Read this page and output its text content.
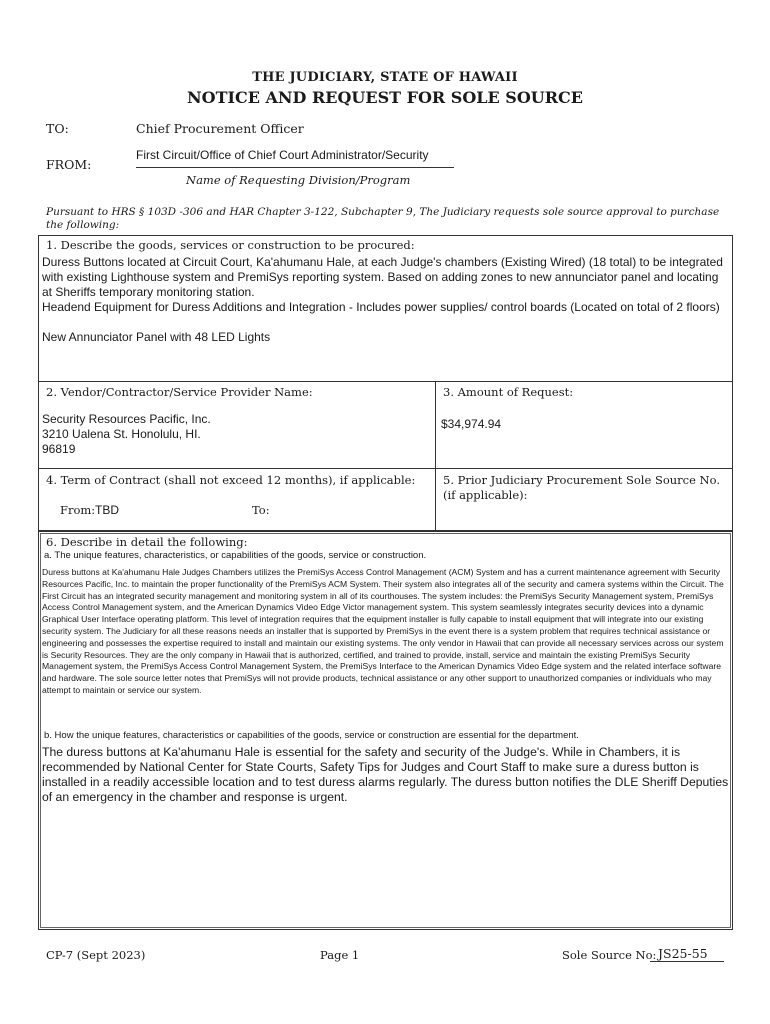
THE JUDICIARY, STATE OF HAWAII
NOTICE AND REQUEST FOR SOLE SOURCE
TO:	Chief Procurement Officer
FROM:
First Circuit/Office of Chief Court Administrator/Security
Name of Requesting Division/Program
Pursuant to HRS § 103D -306 and HAR Chapter 3-122, Subchapter 9, The Judiciary requests sole source approval to purchase the following:
1. Describe the goods, services or construction to be procured:
Duress Buttons located at Circuit Court, Ka'ahumanu Hale, at each Judge's chambers (Existing Wired) (18 total) to be integrated with existing Lighthouse system and PremiSys reporting system. Based on adding zones to new annunciator panel and locating at Sheriffs temporary monitoring station.
Headend Equipment for Duress Additions and Integration - Includes power supplies/ control boards (Located on total of 2 floors)

New Annunciator Panel with 48 LED Lights
2. Vendor/Contractor/Service Provider Name:
Security Resources Pacific, Inc.
3210 Ualena St. Honolulu, HI.
96819
3. Amount of Request:
$34,974.94
4. Term of Contract (shall not exceed 12 months), if applicable:
From: TBD	To:
5. Prior Judiciary Procurement Sole Source No.
(if applicable):
6. Describe in detail the following:
a. The unique features, characteristics, or capabilities of the goods, service or construction.
Duress buttons at Ka'ahumanu Hale Judges Chambers utilizes the PremiSys Access Control Management (ACM) System and has a current maintenance agreement with Security Resources Pacific, Inc. to maintain the proper functionality of the PremiSys ACM System. Their system also integrates all of the security and camera systems within the Circuit. The First Circuit has an integrated security management and monitoring system in all of its courthouses. The system includes: the PremiSys Security Management system, PremiSys Access Control Management system, and the American Dynamics Video Edge Victor management system. This system seamlessly integrates security devices into a dynamic Graphical User Interface operating platform. This level of integration requires that the equipment installer is fully capable to install equipment that will integrate into our existing security system. The Judiciary for all these reasons needs an installer that is supported by PremiSys in the event there is a system problem that requires technical assistance or engineering and possesses the expertise required to install and maintain our existing systems. The only vendor in Hawaii that can provide all necessary services across our system is Security Resources. They are the only company in Hawaii that is authorized, certified, and trained to provide, install, service and maintain the existing PremiSys Security Management system, the PremiSys Access Control Management System, the PremiSys Interface to the American Dynamics Video Edge system and the related interface software and hardware. The sole source letter notes that PremiSys will not provide products, technical assistance or any other support to unauthorized companies or individuals who may attempt to maintain or service our system.
b. How the unique features, characteristics or capabilities of the goods, service or construction are essential for the department.
The duress buttons at Ka'ahumanu Hale is essential for the safety and security of the Judge's. While in Chambers, it is recommended by National Center for State Courts, Safety Tips for Judges and Court Staff to make sure a duress button is installed in a readily accessible location and to test duress alarms regularly. The duress button notifies the DLE Sheriff Deputies of an emergency in the chamber and response is urgent.
CP-7 (Sept 2023)	Page 1	Sole Source No: JS25-55
